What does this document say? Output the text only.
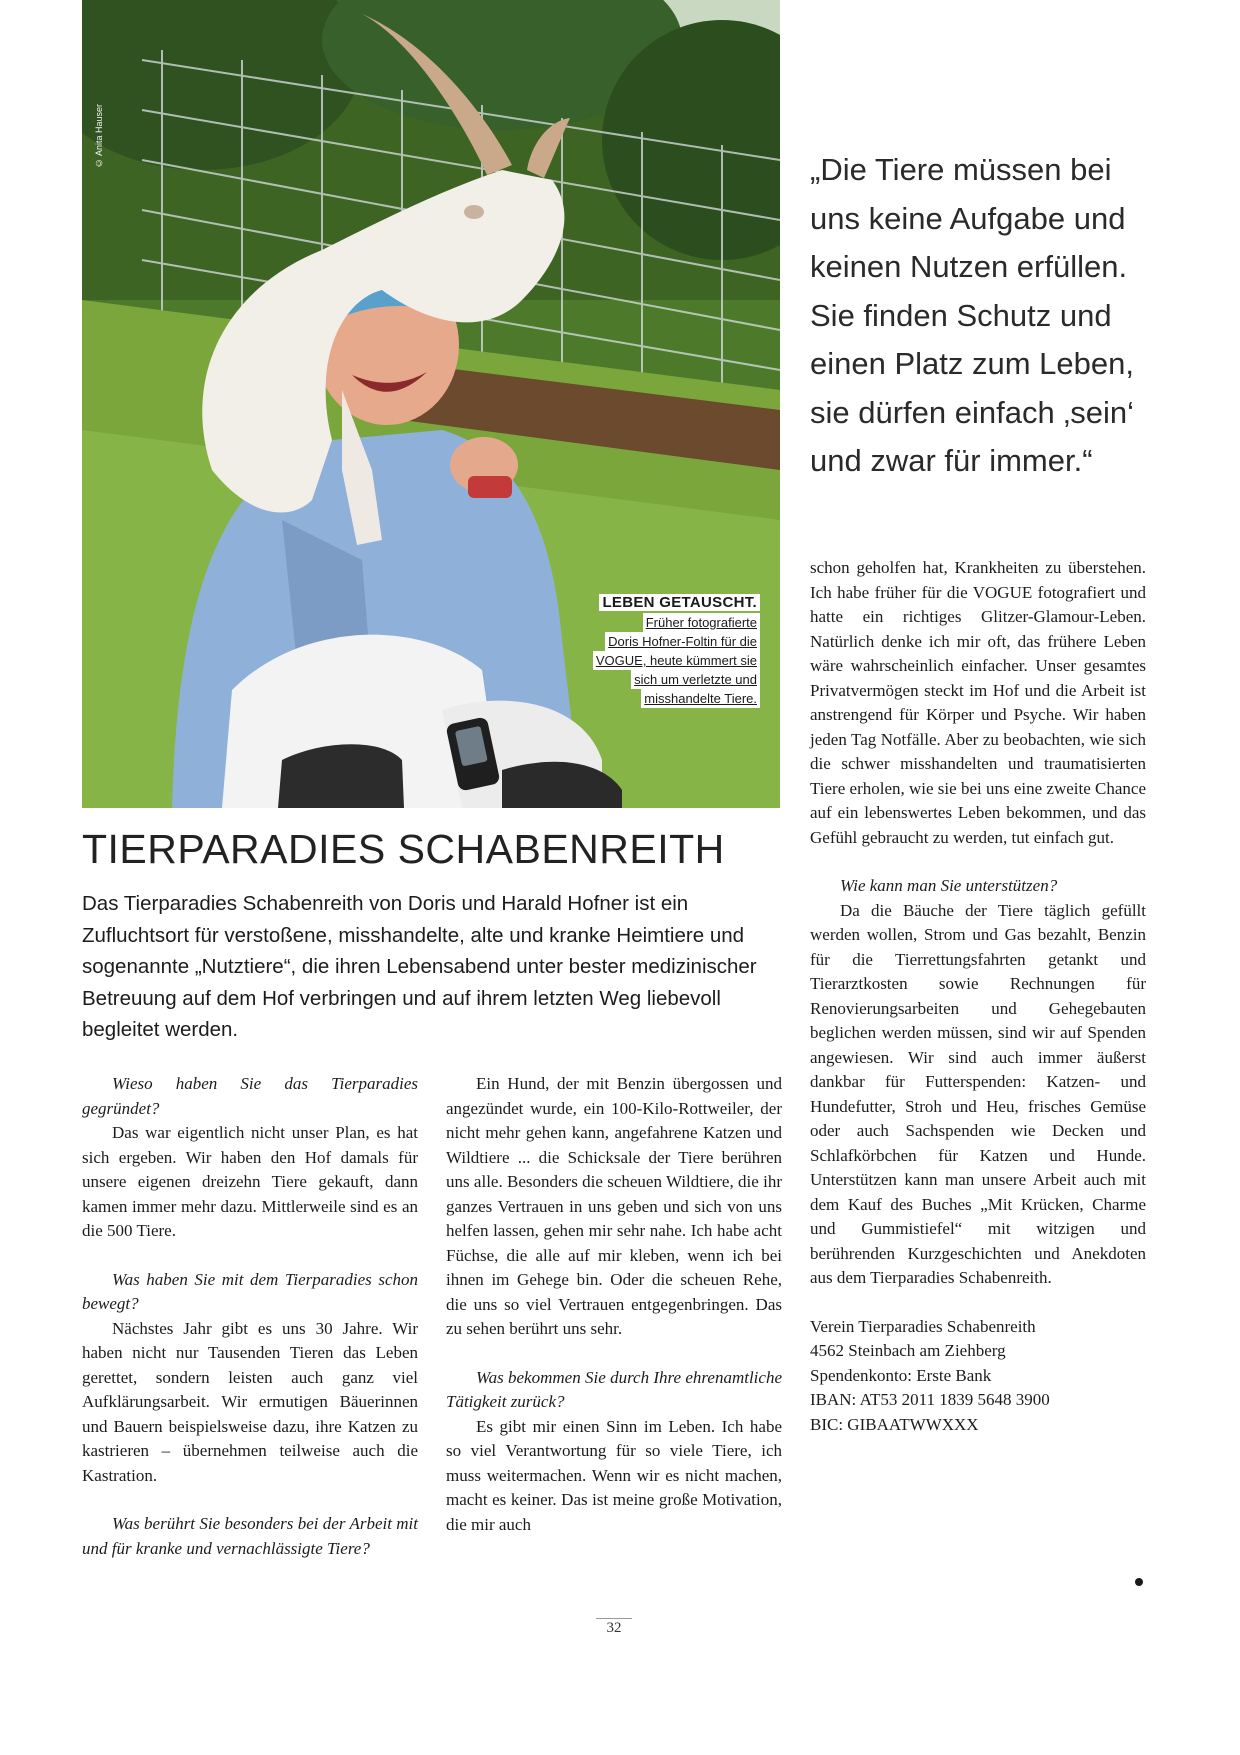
© Anita Hauser
LEBEN GETAUSCHT.
Früher fotografierte
Doris Hofner-Foltin für die
VOGUE, heute kümmert sie
sich um verletzte und
misshandelte Tiere.
„Die Tiere müssen bei
uns keine Aufgabe und
keinen Nutzen erfüllen.
Sie finden Schutz und
einen Platz zum Leben,
sie dürfen einfach ‚sein‘
und zwar für immer.“
TIERPARADIES SCHABENREITH

Das Tierparadies Schabenreith von Doris und Harald Hofner ist ein Zufluchtsort für verstoßene, misshandelte, alte und kranke Heimtiere und sogenannte „Nutztiere“, die ihren Lebensabend unter bester medizinischer Betreuung auf dem Hof verbringen und auf ihrem letzten Weg liebevoll begleitet werden.

Wieso haben Sie das Tierparadies gegründet?

Das war eigentlich nicht unser Plan, es hat sich ergeben. Wir haben den Hof damals für unsere eigenen dreizehn Tiere gekauft, dann kamen immer mehr dazu. Mittlerweile sind es an die 500 Tiere.

Was haben Sie mit dem Tierparadies schon bewegt?

Nächstes Jahr gibt es uns 30 Jahre. Wir haben nicht nur Tausenden Tieren das Leben gerettet, sondern leisten auch ganz viel Aufklärungsarbeit. Wir ermutigen Bäuerinnen und Bauern beispielsweise dazu, ihre Katzen zu kastrieren – übernehmen teilweise auch die Kastration.

Was berührt Sie besonders bei der Arbeit mit und für kranke und vernachlässigte Tiere?

Ein Hund, der mit Benzin übergossen und angezündet wurde, ein 100-Kilo-Rottweiler, der nicht mehr gehen kann, angefahrene Katzen und Wildtiere ... die Schicksale der Tiere berühren uns alle. Besonders die scheuen Wildtiere, die ihr ganzes Vertrauen in uns geben und sich von uns helfen lassen, gehen mir sehr nahe. Ich habe acht Füchse, die alle auf mir kleben, wenn ich bei ihnen im Gehege bin. Oder die scheuen Rehe, die uns so viel Vertrauen entgegenbringen. Das zu sehen berührt uns sehr.

Was bekommen Sie durch Ihre ehrenamtliche Tätigkeit zurück?

Es gibt mir einen Sinn im Leben. Ich habe so viel Verantwortung für so viele Tiere, ich muss weitermachen. Wenn wir es nicht machen, macht es keiner. Das ist meine große Motivation, die mir auch

schon geholfen hat, Krankheiten zu überstehen. Ich habe früher für die VOGUE fotografiert und hatte ein richtiges Glitzer-Glamour-Leben. Natürlich denke ich mir oft, das frühere Leben wäre wahrscheinlich einfacher. Unser gesamtes Privatvermögen steckt im Hof und die Arbeit ist anstrengend für Körper und Psyche. Wir haben jeden Tag Notfälle. Aber zu beobachten, wie sich die schwer misshandelten und traumatisierten Tiere erholen, wie sie bei uns eine zweite Chance auf ein lebenswertes Leben bekommen, und das Gefühl gebraucht zu werden, tut einfach gut.

Wie kann man Sie unterstützen?

Da die Bäuche der Tiere täglich gefüllt werden wollen, Strom und Gas bezahlt, Benzin für die Tierrettungsfahrten getankt und Tierarztkosten sowie Rechnungen für Renovierungsarbeiten und Gehegebauten beglichen werden müssen, sind wir auf Spenden angewiesen. Wir sind auch immer äußerst dankbar für Futterspenden: Katzen- und Hundefutter, Stroh und Heu, frisches Gemüse oder auch Sachspenden wie Decken und Schlafkörbchen für Katzen und Hunde. Unterstützen kann man unsere Arbeit auch mit dem Kauf des Buches „Mit Krücken, Charme und Gummistiefel“ mit witzigen und berührenden Kurzgeschichten und Anekdoten aus dem Tierparadies Schabenreith.

Verein Tierparadies Schabenreith

4562 Steinbach am Ziehberg

Spendenkonto: Erste Bank

IBAN: AT53 2011 1839 5648 3900

BIC: GIBAATWWXXX

32
